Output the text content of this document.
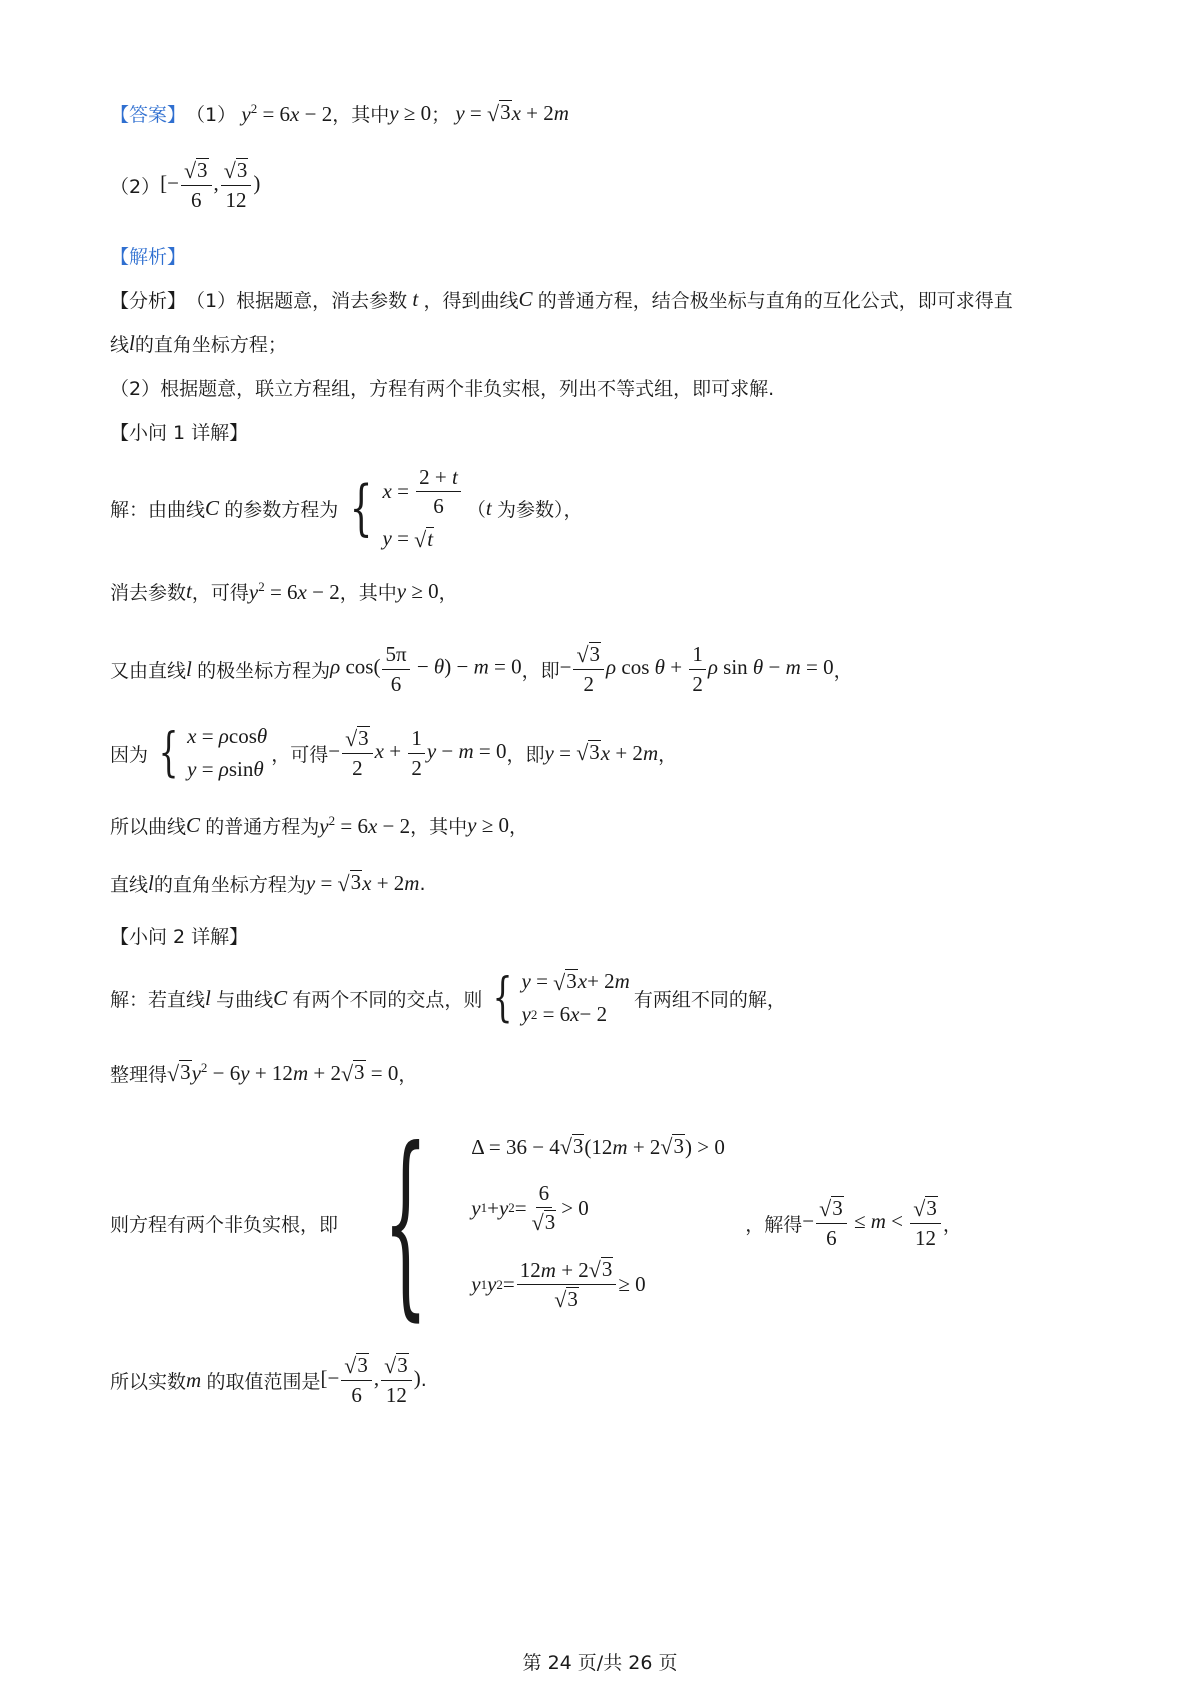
【答案】 （1） $y^2 = 6x - 2$ ，其中 y ≥ 0 ； y = √ 3 x + 2m
（2） [− $\frac{√ 3}{6}$ , $\frac{√ 3}{12}$ )
【解析】
【分析】 （1）根据题意，消去参数 t ，得到曲线 C 的普通方程，结合极坐标与直角的互化公式，即可求得直
线 l 的直角坐标方程；
（2）根据题意，联立方程组，方程有两个非负实根，列出不等式组，即可求解.
【小问 1 详解】
解：由曲线 C 的参数方程为 { $x = \frac{2 + t}{6}$
y = √ t
（ t 为参数），
消去参数 t ，可得 $y^2 = 6x - 2$ ，其中 y ≥ 0 ，
又由直线 l 的极坐标方程为 ρ $\cos( \frac{5\pi}{6} - \theta) - m = 0$ ，即 − $\frac{√ 3}{2}$ ρ $\cos \theta + \frac{1}{2}$ ρ sin θ − m = 0 ，
因为 { x = ρ cos θ
y = ρ sin θ
，可得 − $\frac{√ 3}{2}$ $x + \frac{1}{2}$ y − m = 0 ，即 y = √ 3 x + 2m ，
所以曲线 C 的普通方程为 $y^2 = 6x - 2$ ，其中 y ≥ 0 ，
直线 l 的直角坐标方程为 y = √ 3 x + 2m .
【小问 2 详解】
解：若直线 l 与曲线 C 有两个不同的交点，则 { y = √ 3 x + 2 m
y 2 = 6 x − 2
有两组不同的解，
整理得 √ 3 $y^2 - 6y + 12m + 2$ √ 3 = 0 ，
则方程有两个非负实根，即 { Δ = 36 − 4 √ 3 (12m + 2 √ 3 ) > 0
y 1 + y $2 = \frac{6}{√ 3} > 0$
y 1 y $2 = \frac{12m + 2 √ 3}{√ 3} \ge 0$
，解得 − $\frac{√ 3}{6} \le m < \frac{√ 3}{12}$ ，
所以实数 m 的取值范围是 [− $\frac{√ 3}{6}$ , $\frac{√ 3}{12}$ ) .
第 24 页/共 26 页
